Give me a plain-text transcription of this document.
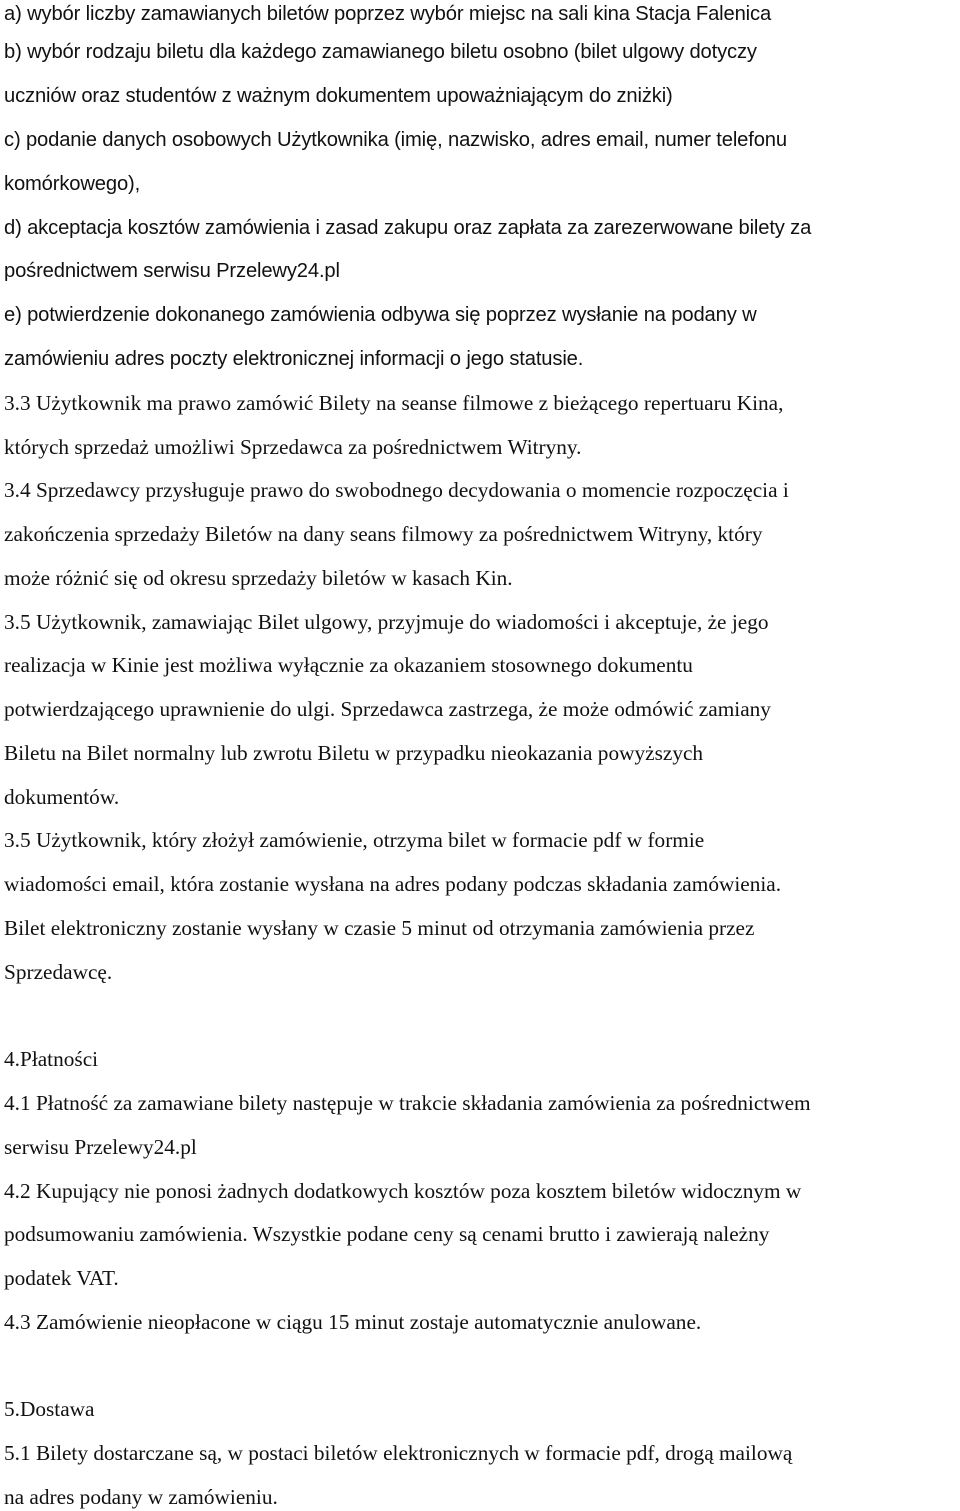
a) wybór liczby zamawianych biletów poprzez wybór miejsc na sali kina Stacja Falenica
b) wybór rodzaju biletu dla każdego zamawianego biletu osobno (bilet ulgowy dotyczy
uczniów oraz studentów z ważnym dokumentem upoważniającym do zniżki)
c) podanie danych osobowych Użytkownika (imię, nazwisko, adres email, numer telefonu
komórkowego),
d) akceptacja kosztów zamówienia i zasad zakupu oraz zapłata za zarezerwowane bilety za
pośrednictwem serwisu Przelewy24.pl
e) potwierdzenie dokonanego zamówienia odbywa się poprzez wysłanie na podany w
zamówieniu adres poczty elektronicznej informacji o jego statusie.
3.3 Użytkownik ma prawo zamówić Bilety na seanse filmowe z bieżącego repertuaru Kina,
których sprzedaż umożliwi Sprzedawca za pośrednictwem Witryny.
3.4 Sprzedawcy przysługuje prawo do swobodnego decydowania o momencie rozpoczęcia i
zakończenia sprzedaży Biletów na dany seans filmowy za pośrednictwem Witryny, który
może różnić się od okresu sprzedaży biletów w kasach Kin.
3.5 Użytkownik, zamawiając Bilet ulgowy, przyjmuje do wiadomości i akceptuje, że jego
realizacja w Kinie jest możliwa wyłącznie za okazaniem stosownego dokumentu
potwierdzającego uprawnienie do ulgi. Sprzedawca zastrzega, że może odmówić zamiany
Biletu na Bilet normalny lub zwrotu Biletu w przypadku nieokazania powyższych
dokumentów.
3.5 Użytkownik, który złożył zamówienie, otrzyma bilet w formacie pdf w formie
wiadomości email, która zostanie wysłana na adres podany podczas składania zamówienia.
Bilet elektroniczny zostanie wysłany w czasie 5 minut od otrzymania zamówienia przez
Sprzedawcę.
4.Płatności
4.1 Płatność za zamawiane bilety następuje w trakcie składania zamówienia za pośrednictwem
serwisu Przelewy24.pl
4.2 Kupujący nie ponosi żadnych dodatkowych kosztów poza kosztem biletów widocznym w
podsumowaniu zamówienia. Wszystkie podane ceny są cenami brutto i zawierają należny
podatek VAT.
4.3 Zamówienie nieopłacone w ciągu 15 minut zostaje automatycznie anulowane.
5.Dostawa
5.1 Bilety dostarczane są, w postaci biletów elektronicznych w formacie pdf, drogą mailową
na adres podany w zamówieniu.
